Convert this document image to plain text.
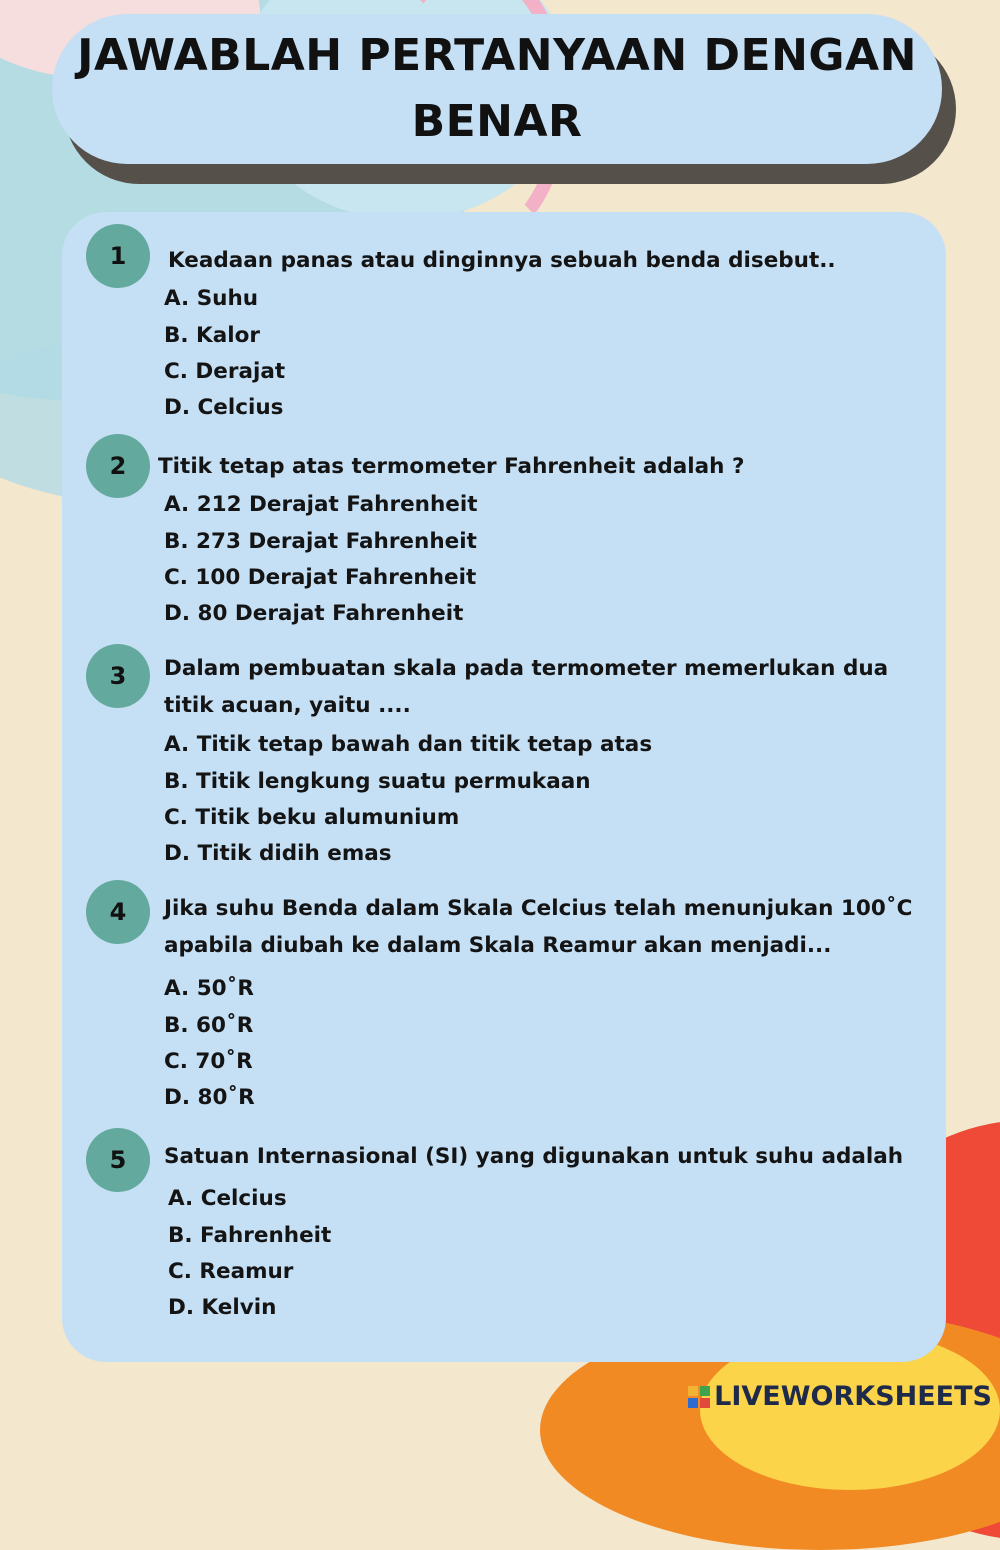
JAWABLAH PERTANYAAN DENGAN BENAR
1	Keadaan panas atau dinginnya sebuah benda disebut..
A. Suhu
B. Kalor
C. Derajat
D. Celcius
2	Titik tetap atas termometer Fahrenheit adalah ?
A. 212 Derajat Fahrenheit
B. 273 Derajat Fahrenheit
C. 100 Derajat Fahrenheit
D. 80 Derajat Fahrenheit
3	Dalam pembuatan skala pada termometer memerlukan dua titik acuan, yaitu ....
A. Titik tetap bawah dan titik tetap atas
B. Titik lengkung suatu permukaan
C. Titik beku alumunium
D. Titik didih emas
4	Jika suhu Benda dalam Skala Celcius telah menunjukan 100˚C apabila diubah ke dalam Skala Reamur akan menjadi...
A. 50˚R
B. 60˚R
C. 70˚R
D. 80˚R
5	Satuan Internasional (SI) yang digunakan untuk suhu adalah
A. Celcius
B. Fahrenheit
C. Reamur
D. Kelvin
LIVEWORKSHEETS
